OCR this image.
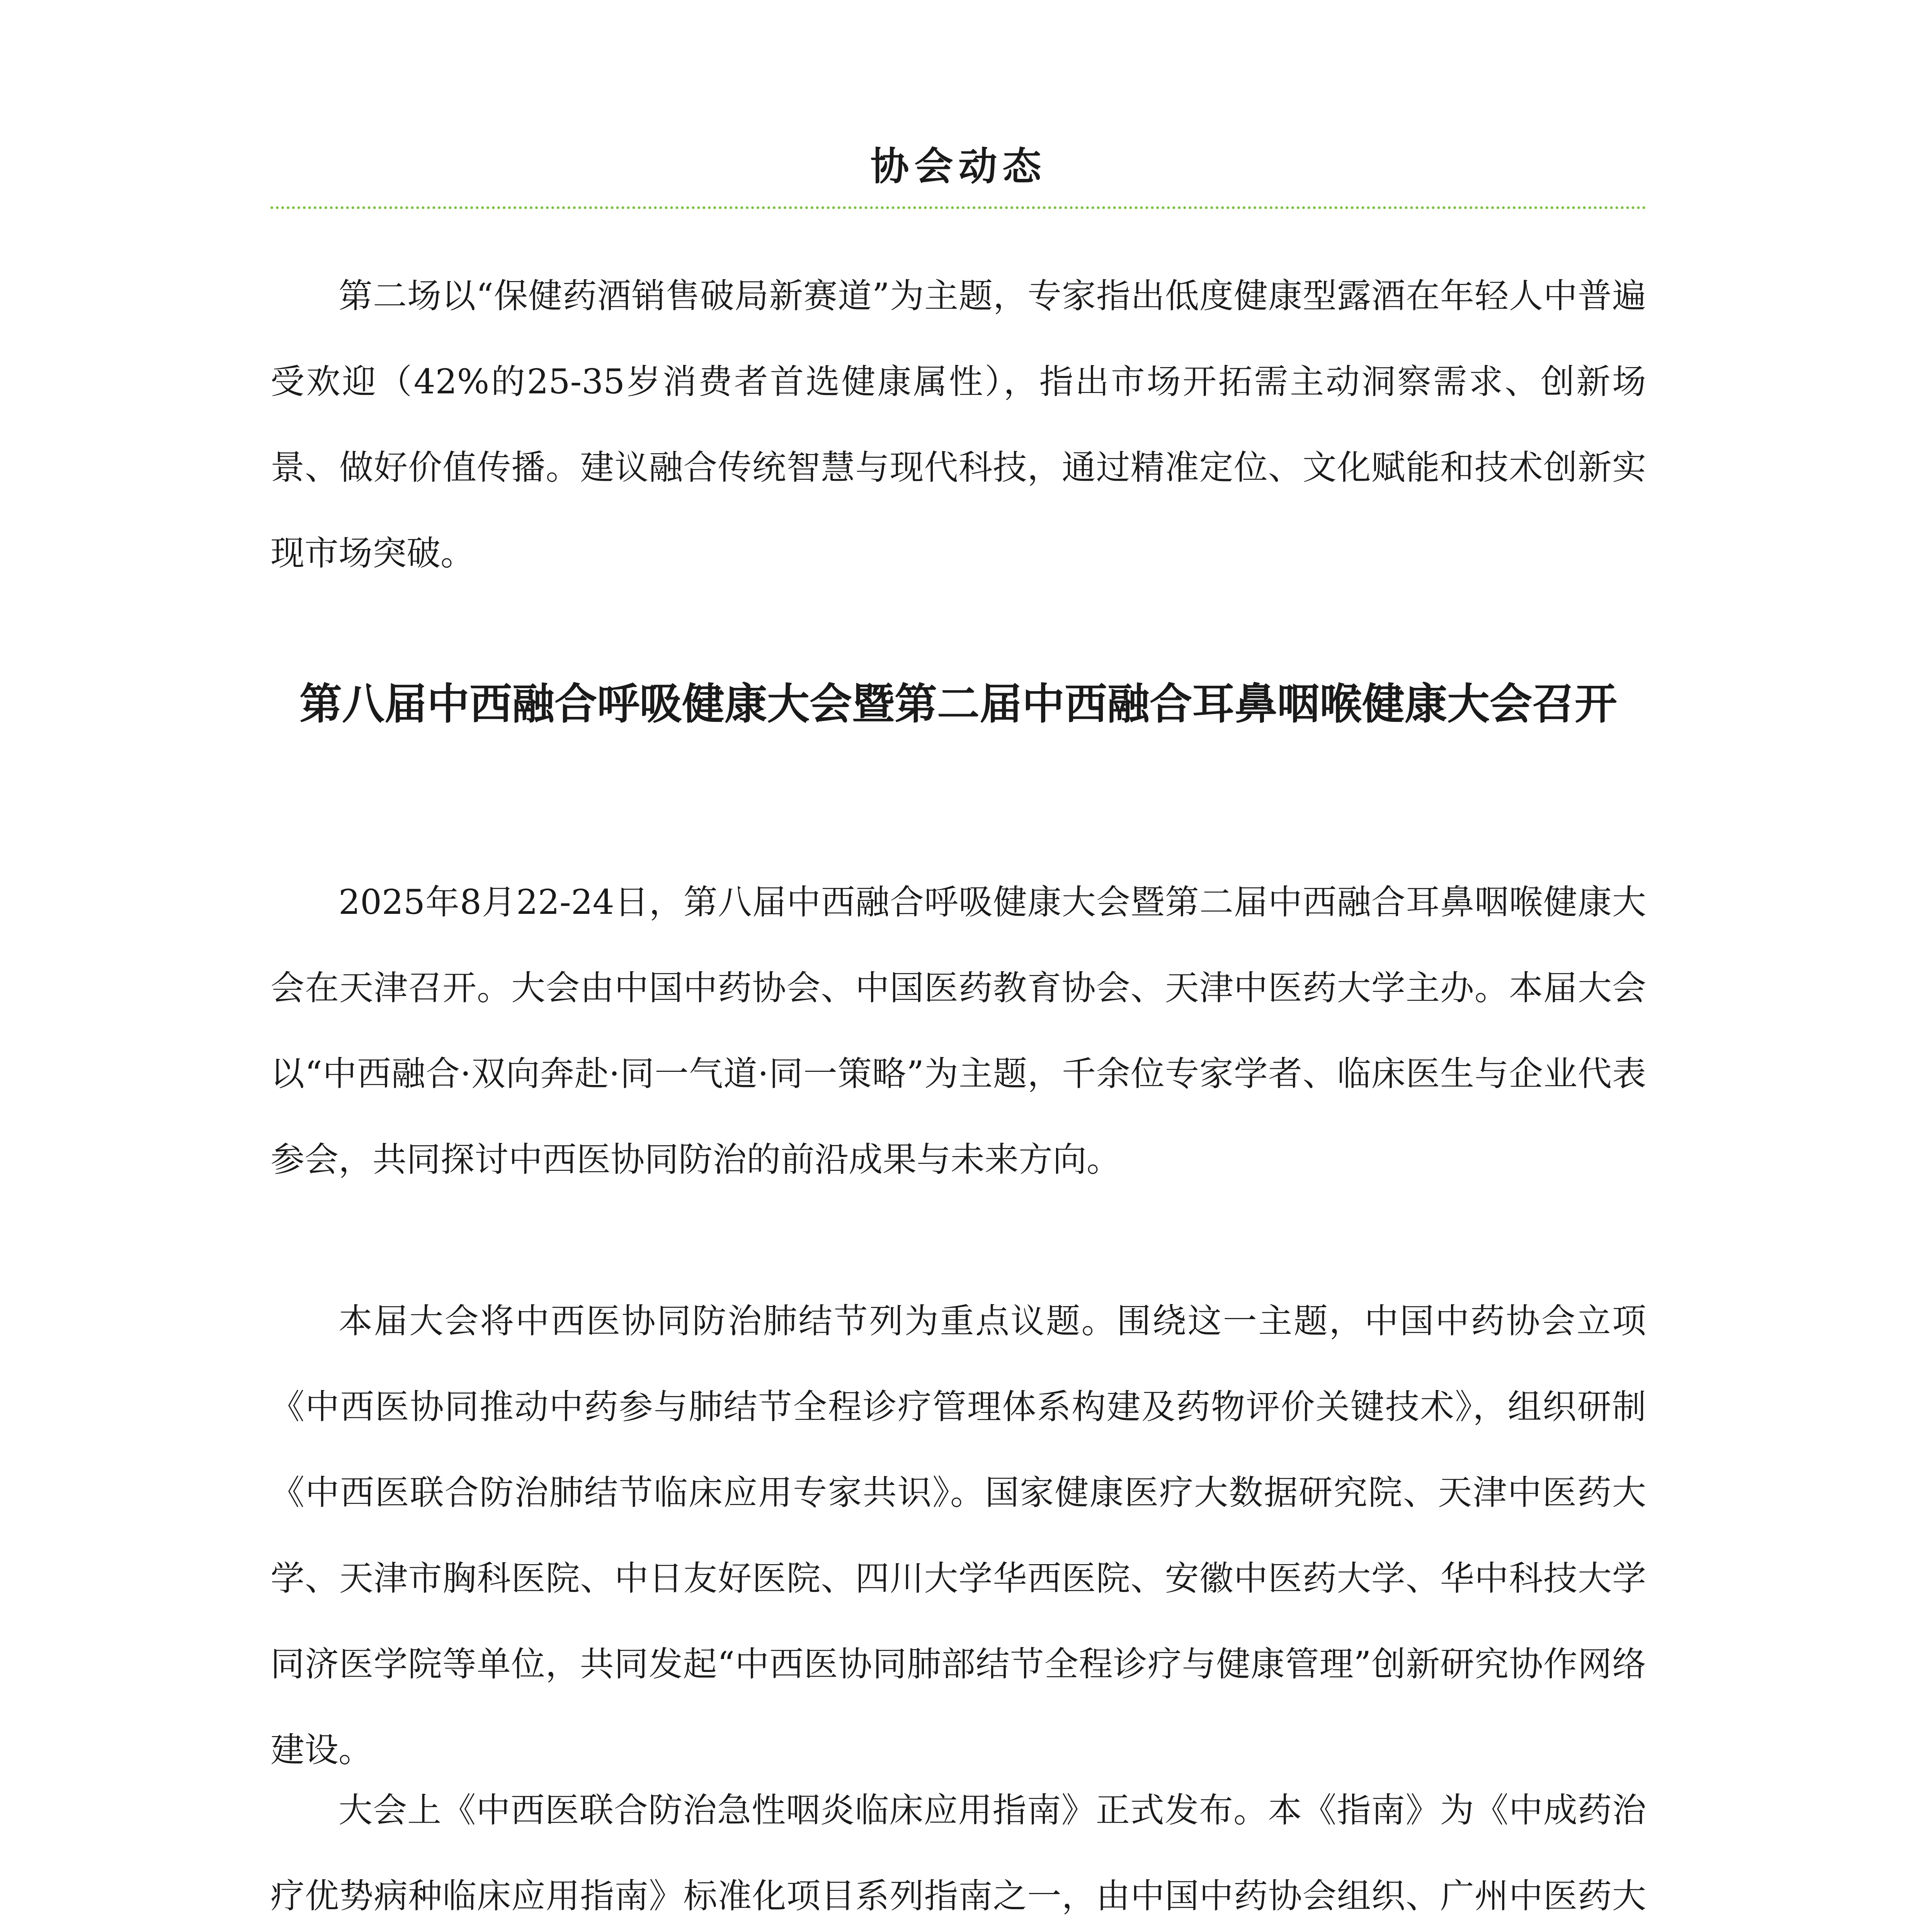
协会动态

第二场以“保健药酒销售破局新赛道”为主题，专家指出低度健康型露酒在年轻人中普遍受欢迎（42%的25-35岁消费者首选健康属性），指出市场开拓需主动洞察需求、创新场景、做好价值传播。建议融合传统智慧与现代科技，通过精准定位、文化赋能和技术创新实现市场突破。

第八届中西融合呼吸健康大会暨第二届中西融合耳鼻咽喉健康大会召开

2025年8月22-24日，第八届中西融合呼吸健康大会暨第二届中西融合耳鼻咽喉健康大会在天津召开。大会由中国中药协会、中国医药教育协会、天津中医药大学主办。本届大会以“中西融合·双向奔赴·同一气道·同一策略”为主题，千余位专家学者、临床医生与企业代表参会，共同探讨中西医协同防治的前沿成果与未来方向。

本届大会将中西医协同防治肺结节列为重点议题。围绕这一主题，中国中药协会立项《中西医协同推动中药参与肺结节全程诊疗管理体系构建及药物评价关键技术》，组织研制《中西医联合防治肺结节临床应用专家共识》。国家健康医疗大数据研究院、天津中医药大学、天津市胸科医院、中日友好医院、四川大学华西医院、安徽中医药大学、华中科技大学同济医学院等单位，共同发起“中西医协同肺部结节全程诊疗与健康管理”创新研究协作网络建设。

大会上《中西医联合防治急性咽炎临床应用指南》正式发布。本《指南》为《中成药治疗优势病种临床应用指南》标准化项目系列指南之一，由中国中药协会组织、广州中医药大
